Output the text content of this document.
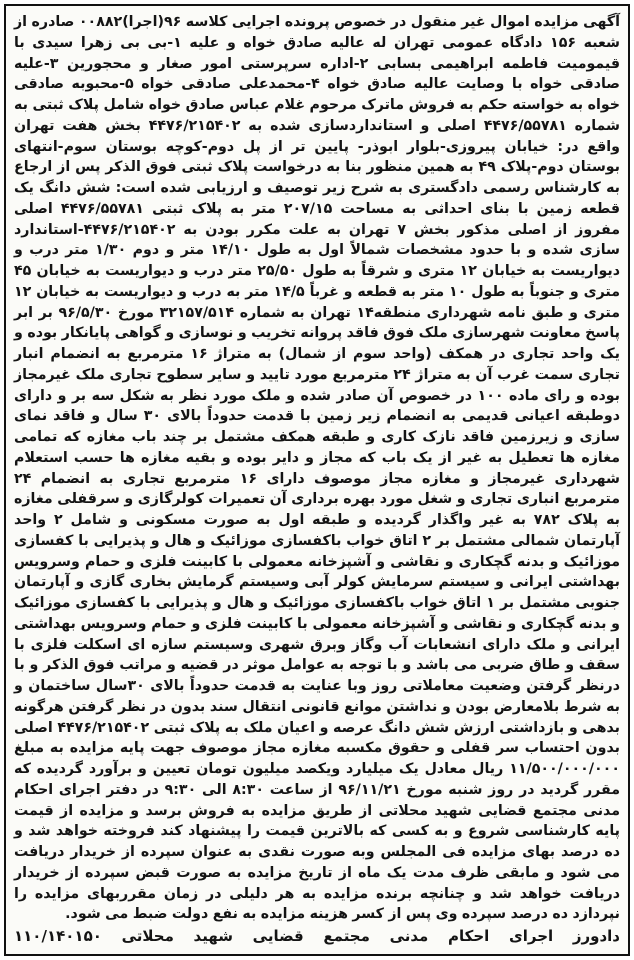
آگهی مزایده اموال غیر منقول در خصوص پرونده اجرایی کلاسه ۹۶(اجرا)۰۰۸۸۲ صادره از شعبه ۱۵۶ دادگاه عمومی تهران له عالیه صادق خواه و علیه ۱-بی بی زهرا سیدی با قیمومیت فاطمه ابراهیمی بسابی ۲-اداره سرپرستی امور صغار و محجورین ۳-علیه صادقی خواه با وصایت عالیه صادق خواه ۴-محمدعلی صادقی خواه ۵-محبوبه صادقی خواه به خواسته حکم به فروش ماترک مرحوم غلام عباس صادق خواه شامل پلاک ثبتی به شماره ۴۴۷۶/۵۵۷۸۱ اصلی و استانداردسازی شده به ۴۴۷۶/۲۱۵۴۰۲ بخش هفت تهران واقع در: خیابان پیروزی-بلوار ابوذر- پایین تر از پل دوم-کوچه بوستان سوم-انتهای بوستان دوم-پلاک ۴۹ به همین منظور بنا به درخواست پلاک ثبتی فوق الذکر پس از ارجاع به کارشناس رسمی دادگستری به شرح زیر توصیف و ارزیابی شده است: شش دانگ یک قطعه زمین با بنای احداثی به مساحت ۲۰۷/۱۵ متر به پلاک ثبتی ۴۴۷۶/۵۵۷۸۱ اصلی مفروز از اصلی مذکور بخش ۷ تهران به علت مکرر بودن به ۴۴۷۶/۲۱۵۴۰۲-استاندارد سازی شده و با حدود مشخصات شمالاً اول به طول ۱۴/۱۰ متر و دوم ۱/۳۰ متر درب و دیواریست به خیابان ۱۲ متری و شرقاً به طول ۲۵/۵۰ متر درب و دیواریست به خیابان ۴۵ متری و جنوباً به طول ۱۰ متر به قطعه و غرباً ۱۴/۵ متر به درب و دیواریست به خیابان ۱۲ متری و طبق نامه شهرداری منطقه۱۴ تهران به شماره ۳۲۱۵۷/۵۱۴ مورخ ۹۶/۵/۳۰ بر ابر پاسخ معاونت شهرسازی ملک فوق فاقد پروانه تخریب و نوسازی و گواهی پایانکار بوده و یک واحد تجاری در همکف (واحد سوم از شمال) به متراژ ۱۶ مترمربع به انضمام انبار تجاری سمت غرب آن به متراژ ۲۴ مترمربع مورد تایید و سایر سطوح تجاری ملک غیرمجاز بوده و رای ماده ۱۰۰ در خصوص آن صادر شده و ملک مورد نظر به شکل سه بر و دارای دوطبقه اعیانی قدیمی به انضمام زیر زمین با قدمت حدوداً بالای ۳۰ سال و فاقد نمای سازی و زیرزمین فاقد نازک کاری و طبقه همکف مشتمل بر چند باب مغازه که تمامی مغازه ها تعطیل به غیر از یک باب که مجاز و دایر بوده و بقیه مغازه ها حسب استعلام شهرداری غیرمجاز و مغازه مجاز موصوف دارای ۱۶ مترمربع تجاری به انضمام ۲۴ مترمربع انباری تجاری و شغل مورد بهره برداری آن تعمیرات کولرگازی و سرقفلی مغازه به پلاک ۷۸۲ به غیر واگذار گردیده و طبقه اول به صورت مسکونی و شامل ۲ واحد آپارتمان شمالی مشتمل بر ۲ اتاق خواب باکفسازی موزائیک و هال و پذیرایی با کفسازی موزائیک و بدنه گچکاری و نقاشی و آشپزخانه معمولی با کابینت فلزی و حمام وسرویس بهداشتی ایرانی و سیستم سرمایش کولر آبی وسیستم گرمایش بخاری گازی و آپارتمان جنوبی مشتمل بر ۱ اتاق خواب باکفسازی موزائیک و هال و پذیرایی با کفسازی موزائیک و بدنه گچکاری و نقاشی و آشپزخانه معمولی با کابینت فلزی و حمام وسرویس بهداشتی ایرانی و ملک دارای انشعابات آب وگاز وبرق شهری وسیستم سازه ای اسکلت فلزی با سقف و طاق ضربی می باشد و با توجه به عوامل موثر در قضیه و مراتب فوق الذکر و با درنظر گرفتن وضعیت معاملاتی روز وبا عنایت به قدمت حدوداً بالای ۳۰سال ساختمان و به شرط بلامعارض بودن و نداشتن موانع قانونی انتقال سند بدون در نظر گرفتن هرگونه بدهی و بازداشتی ارزش شش دانگ عرصه و اعیان ملک به پلاک ثبتی ۴۴۷۶/۲۱۵۴۰۲ اصلی بدون احتساب سر قفلی و حقوق مکسبه مغازه مجاز موصوف جهت پایه مزایده به مبلغ ۱۱/۵۰۰/۰۰۰/۰۰۰ ریال معادل یک میلیارد ویکصد میلیون تومان تعیین و برآورد گردیده که مقرر گردید در روز شنبه مورخ ۹۶/۱۱/۲۱ از ساعت ۸:۳۰ الی ۹:۳۰ در دفتر اجرای احکام مدنی مجتمع قضایی شهید محلاتی از طریق مزایده به فروش برسد و مزایده از قیمت پایه کارشناسی شروع و به کسی که بالاترین قیمت را پیشنهاد کند فروخته خواهد شد و ده درصد بهای مزایده فی المجلس وبه صورت نقدی به عنوان سپرده از خریدار دریافت می شود و مابقی ظرف مدت یک ماه از تاریخ مزایده به صورت قبض سپرده از خریدار دریافت خواهد شد و چنانچه برنده مزایده به هر دلیلی در زمان مقرربهای مزایده را نپردازد ده درصد سپرده وی پس از کسر هزینه مزایده به نفع دولت ضبط می شود.

دادورز اجرای احکام مدنی مجتمع قضایی شهید محلاتی ۱۱۰/۱۴۰۱۵۰
